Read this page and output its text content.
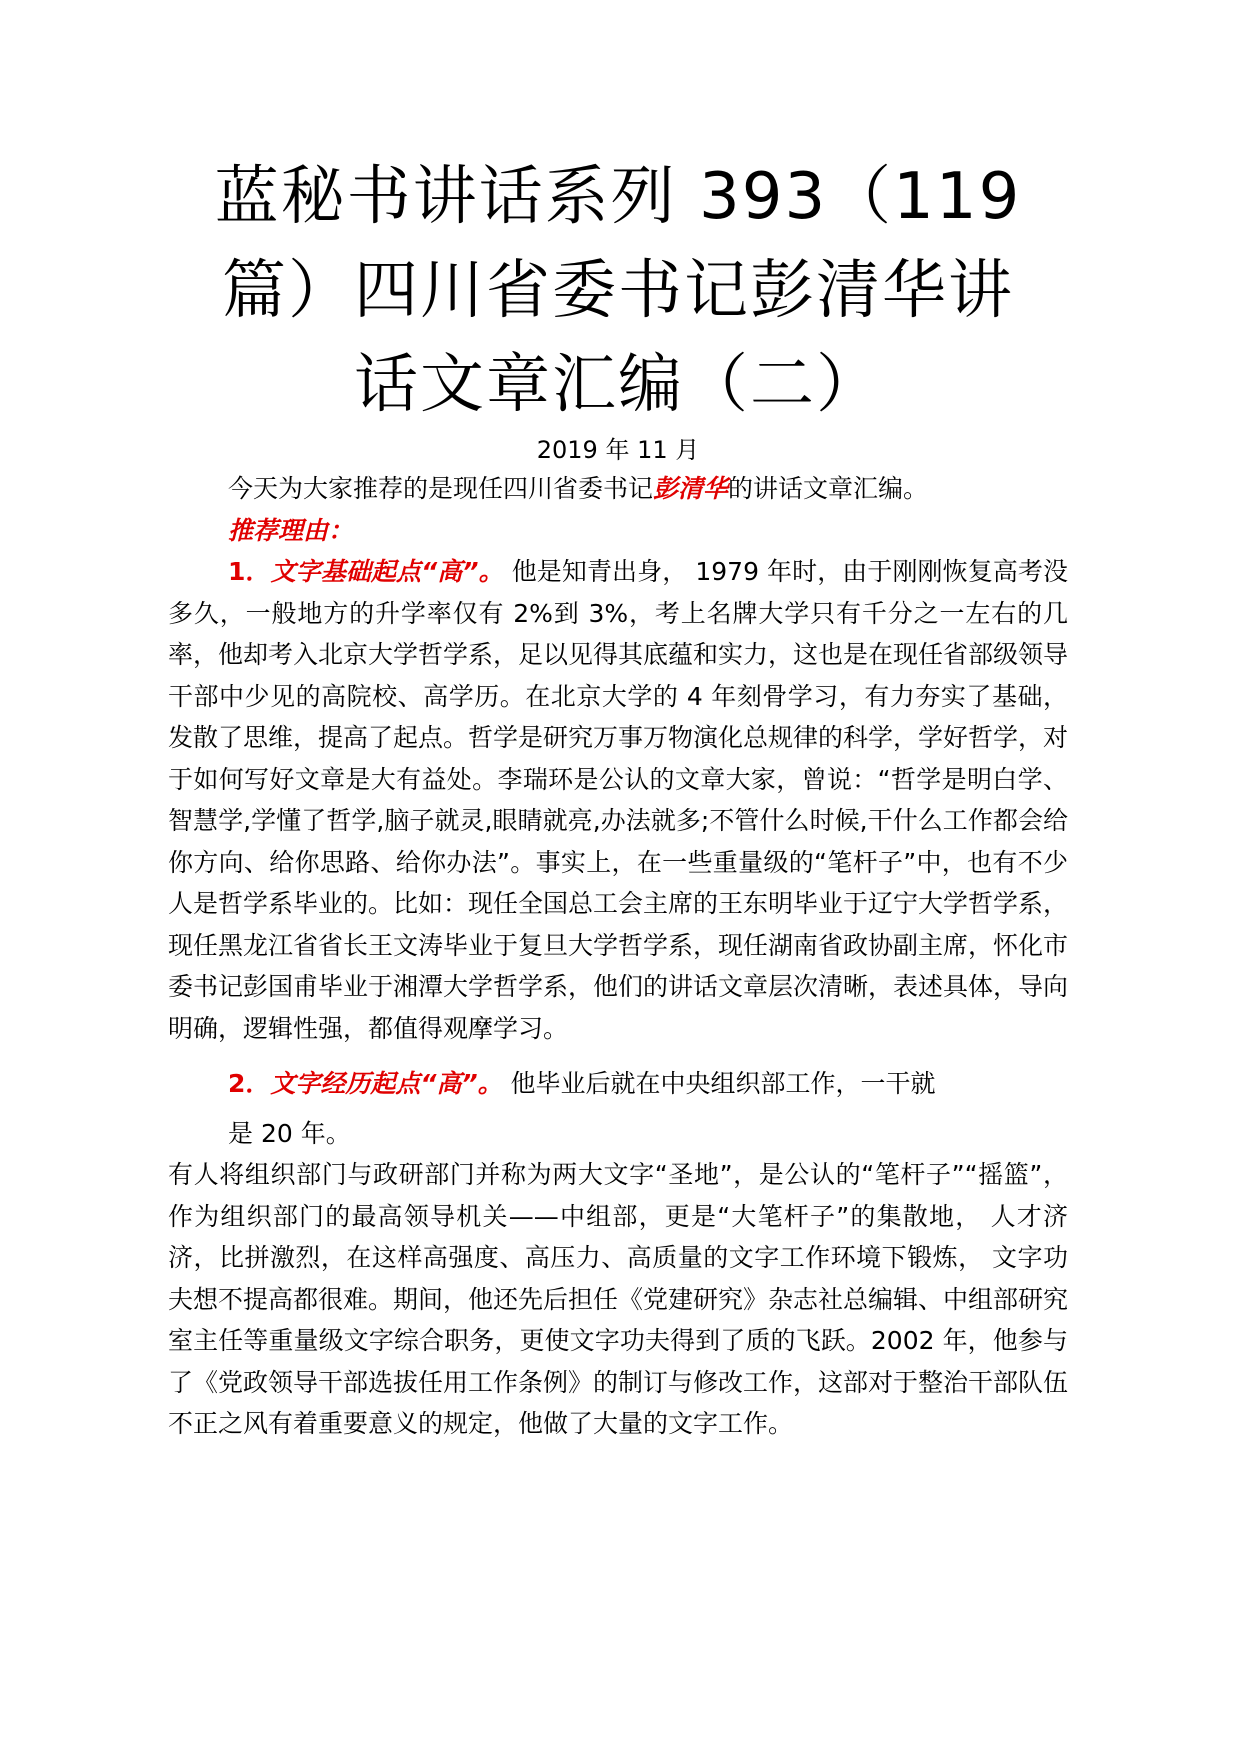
蓝秘书讲话系列 393（119
篇）四川省委书记彭清华讲
话文章汇编（二）

2019 年 11 月

今天为大家推荐的是现任四川省委书记彭清华的讲话文章汇编。

推荐理由：

1．文字基础起点“高”。 他是知青出身， 1979 年时，由于刚刚恢复高考没多久，一般地方的升学率仅有 2%到 3%，考上名牌大学只有千分之一左右的几率，他却考入北京大学哲学系，足以见得其底蕴和实力，这也是在现任省部级领导干部中少见的高院校、高学历。在北京大学的 4 年刻骨学习，有力夯实了基础，发散了思维，提高了起点。哲学是研究万事万物演化总规律的科学，学好哲学，对于如何写好文章是大有益处。李瑞环是公认的文章大家，曾说：“哲学是明白学、智慧学,学懂了哲学,脑子就灵,眼睛就亮,办法就多;不管什么时候,干什么工作都会给你方向、给你思路、给你办法”。事实上，在一些重量级的“笔杆子”中，也有不少人是哲学系毕业的。比如：现任全国总工会主席的王东明毕业于辽宁大学哲学系，现任黑龙江省省长王文涛毕业于复旦大学哲学系，现任湖南省政协副主席，怀化市委书记彭国甫毕业于湘潭大学哲学系，他们的讲话文章层次清晰，表述具体，导向明确，逻辑性强，都值得观摩学习。

2．文字经历起点“高”。 他毕业后就在中央组织部工作，一干就

是 20 年。

有人将组织部门与政研部门并称为两大文字“圣地”，是公认的“笔杆子”“摇篮”，作为组织部门的最高领导机关——中组部，更是“大笔杆子”的集散地， 人才济济，比拼激烈，在这样高强度、高压力、高质量的文字工作环境下锻炼， 文字功夫想不提高都很难。期间，他还先后担任《党建研究》杂志社总编辑、中组部研究室主任等重量级文字综合职务，更使文字功夫得到了质的飞跃。2002 年，他参与了《党政领导干部选拔任用工作条例》的制订与修改工作，这部对于整治干部队伍不正之风有着重要意义的规定，他做了大量的文字工作。
